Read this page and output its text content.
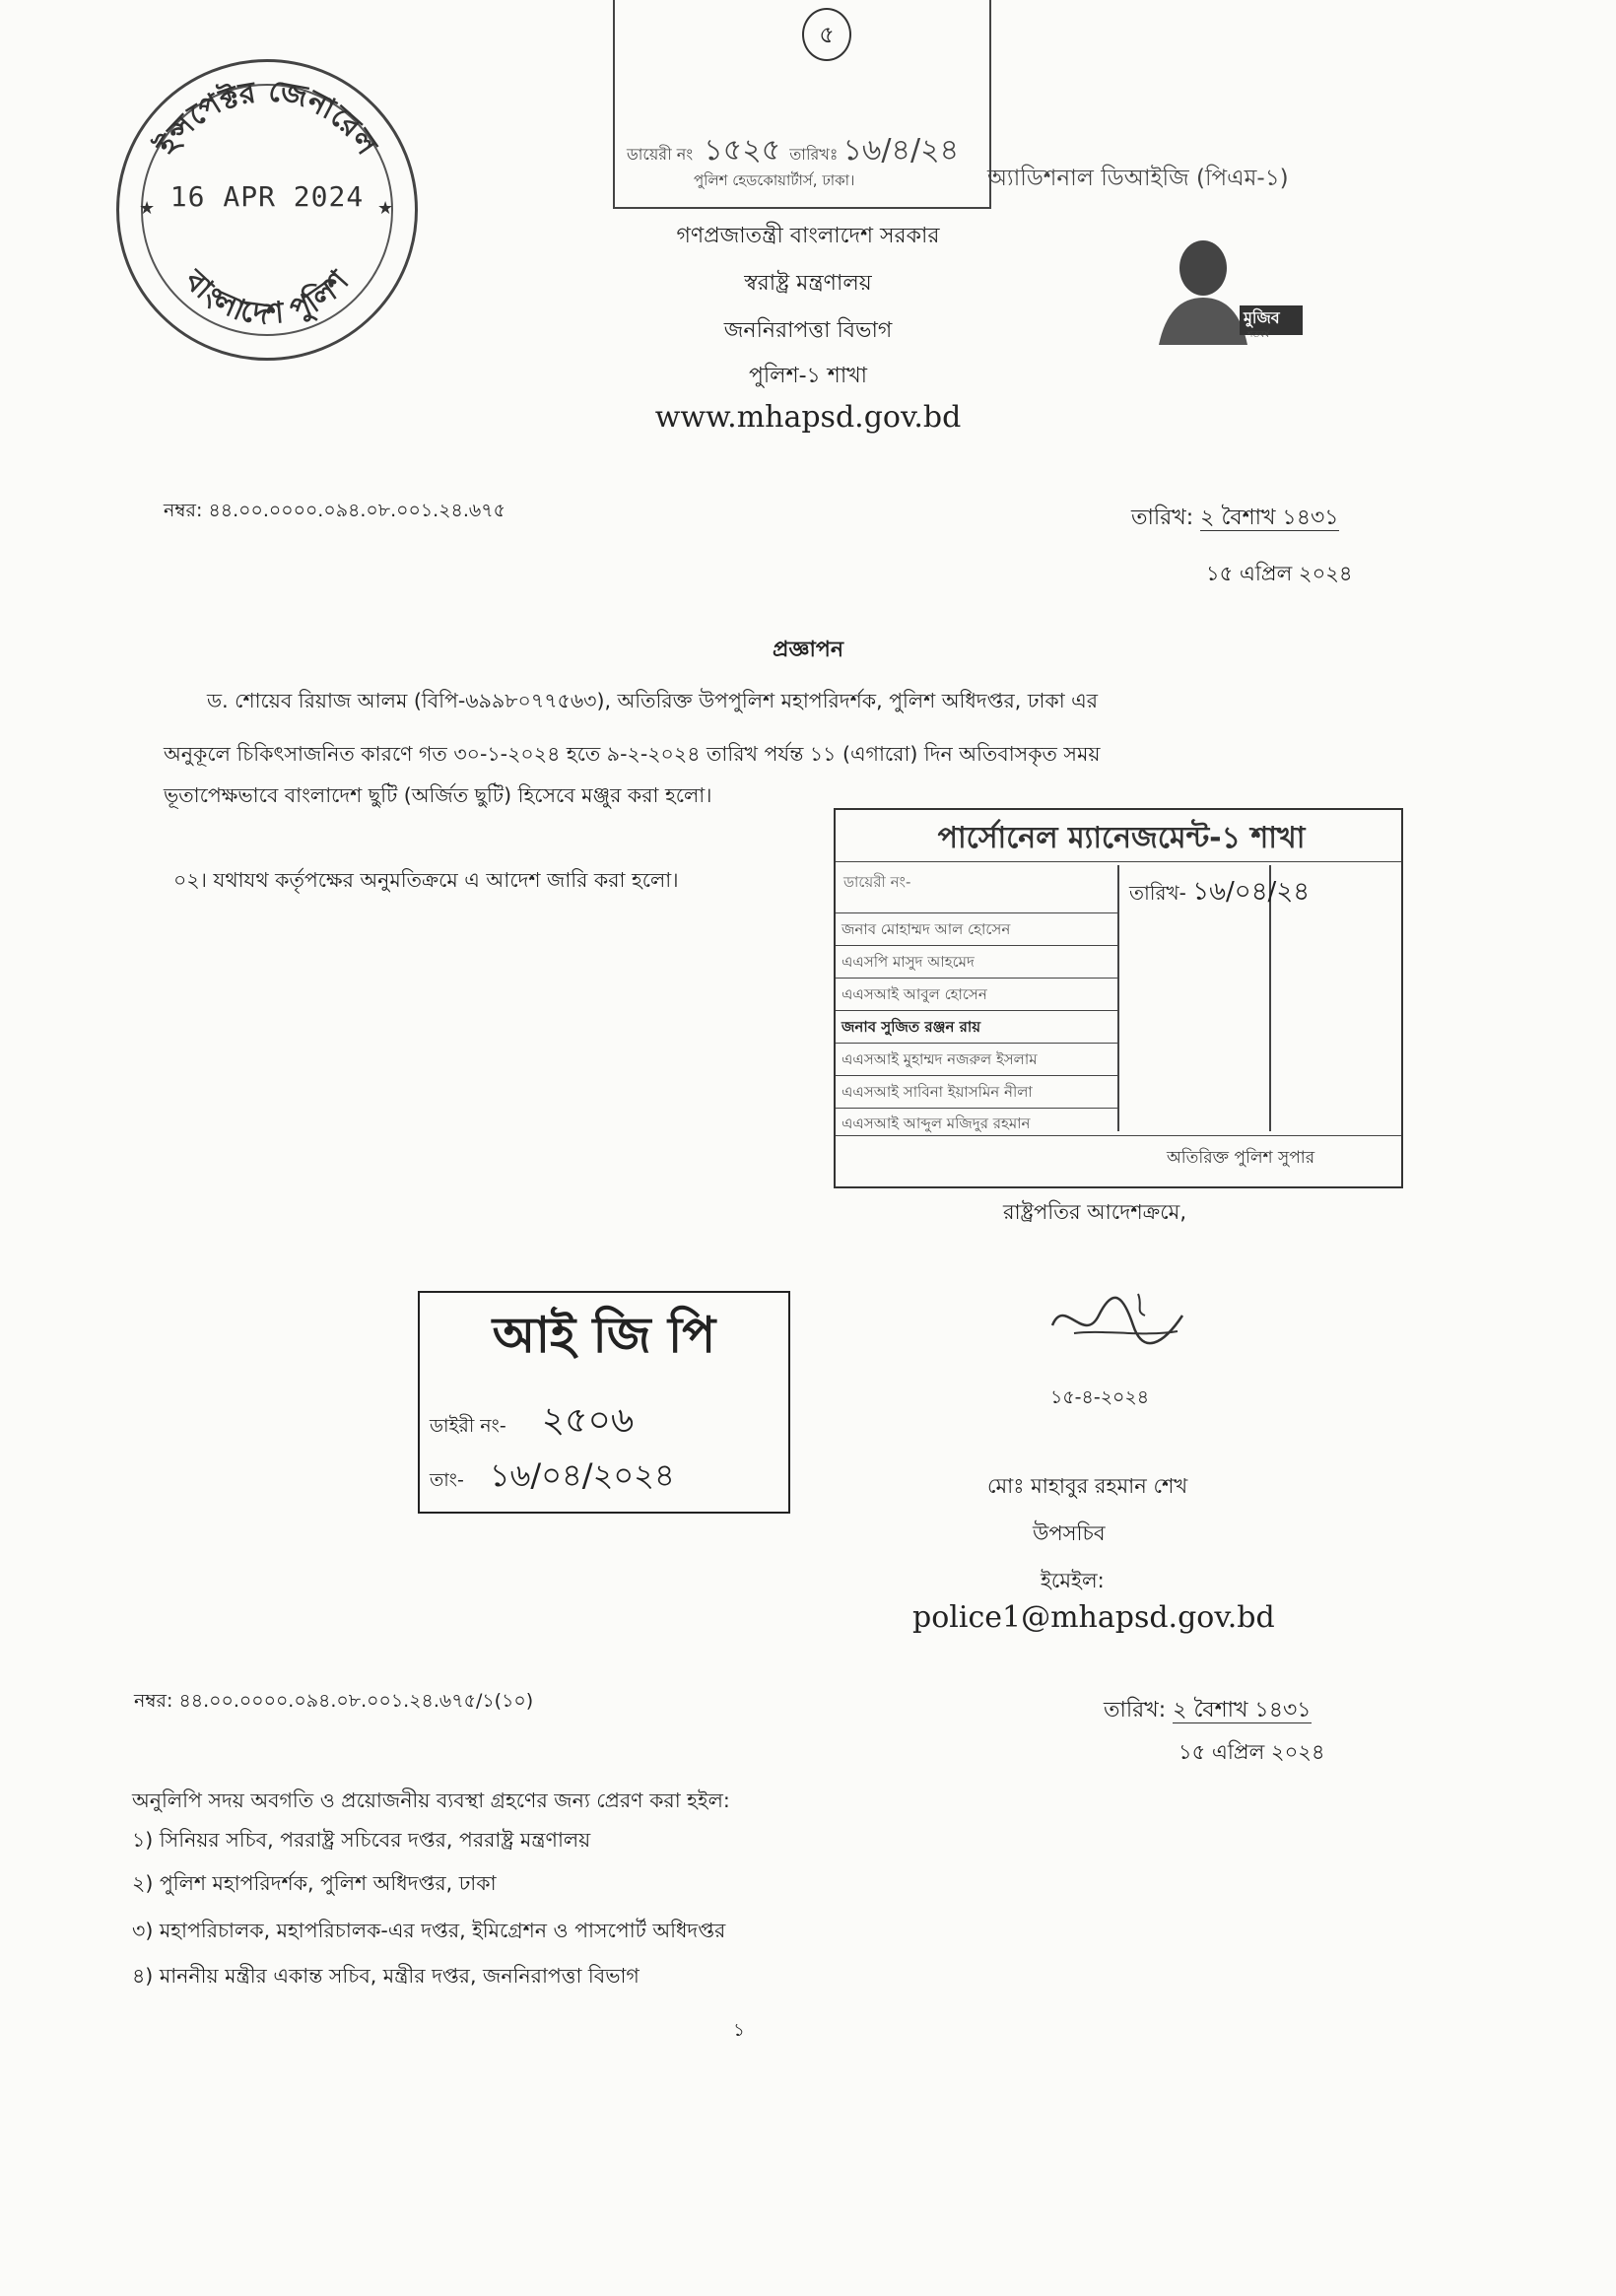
ইন্সপেক্টর জেনারেল
বাংলাদেশ পুলিশ
★	★
16 APR 2024
৫
ডায়েরী নং ১৫২৫ তারিখঃ ১৬/৪/২৪
পুলিশ হেডকোয়ার্টার্স, ঢাকা।	অ্যাডিশনাল ডিআইজি (পিএম-১)
গণপ্রজাতন্ত্রী বাংলাদেশ সরকার
স্বরাষ্ট্র মন্ত্রণালয়
জননিরাপত্তা বিভাগ
পুলিশ-১ শাখা
www.mhapsd.gov.bd
মুজিব
শতবর্ষ
নম্বর: ৪৪.০০.০০০০.০৯৪.০৮.০০১.২৪.৬৭৫	তারিখ: ২ বৈশাখ ১৪৩১
১৫ এপ্রিল ২০২৪
প্রজ্ঞাপন
ড. শোয়েব রিয়াজ আলম (বিপি-৬৯৯৮০৭৭৫৬৩), অতিরিক্ত উপপুলিশ মহাপরিদর্শক, পুলিশ অধিদপ্তর, ঢাকা এর
অনুকূলে চিকিৎসাজনিত কারণে গত ৩০-১-২০২৪ হতে ৯-২-২০২৪ তারিখ পর্যন্ত ১১ (এগারো) দিন অতিবাসকৃত সময়
ভূতাপেক্ষভাবে বাংলাদেশ ছুটি (অর্জিত ছুটি) হিসেবে মঞ্জুর করা হলো।
০২। যথাযথ কর্তৃপক্ষের অনুমতিক্রমে এ আদেশ জারি করা হলো।
পার্সোনেল ম্যানেজমেন্ট-১ শাখা
ডায়েরী নং-	তারিখ- ১৬/০৪/২৪
জনাব মোহাম্মদ আল হোসেন
এএসপি মাসুদ আহমেদ
এএসআই আবুল হোসেন
জনাব সুজিত রঞ্জন রায়
এএসআই মুহাম্মদ নজরুল ইসলাম
এএসআই সাবিনা ইয়াসমিন নীলা
এএসআই আব্দুল মজিদুর রহমান
অতিরিক্ত পুলিশ সুপার
রাষ্ট্রপতির আদেশক্রমে,
আই জি পি
ডাইরী নং- ২৫০৬
তাং- ১৬/০৪/২০২৪
১৫-৪-২০২৪
মোঃ মাহাবুর রহমান শেখ
উপসচিব
ইমেইল:
police1@mhapsd.gov.bd
নম্বর: ৪৪.০০.০০০০.০৯৪.০৮.০০১.২৪.৬৭৫/১(১০)	তারিখ: ২ বৈশাখ ১৪৩১
১৫ এপ্রিল ২০২৪
অনুলিপি সদয় অবগতি ও প্রয়োজনীয় ব্যবস্থা গ্রহণের জন্য প্রেরণ করা হইল:
১) সিনিয়র সচিব, পররাষ্ট্র সচিবের দপ্তর, পররাষ্ট্র মন্ত্রণালয়
২) পুলিশ মহাপরিদর্শক, পুলিশ অধিদপ্তর, ঢাকা
৩) মহাপরিচালক, মহাপরিচালক-এর দপ্তর, ইমিগ্রেশন ও পাসপোর্ট অধিদপ্তর
৪) মাননীয় মন্ত্রীর একান্ত সচিব, মন্ত্রীর দপ্তর, জননিরাপত্তা বিভাগ
১
